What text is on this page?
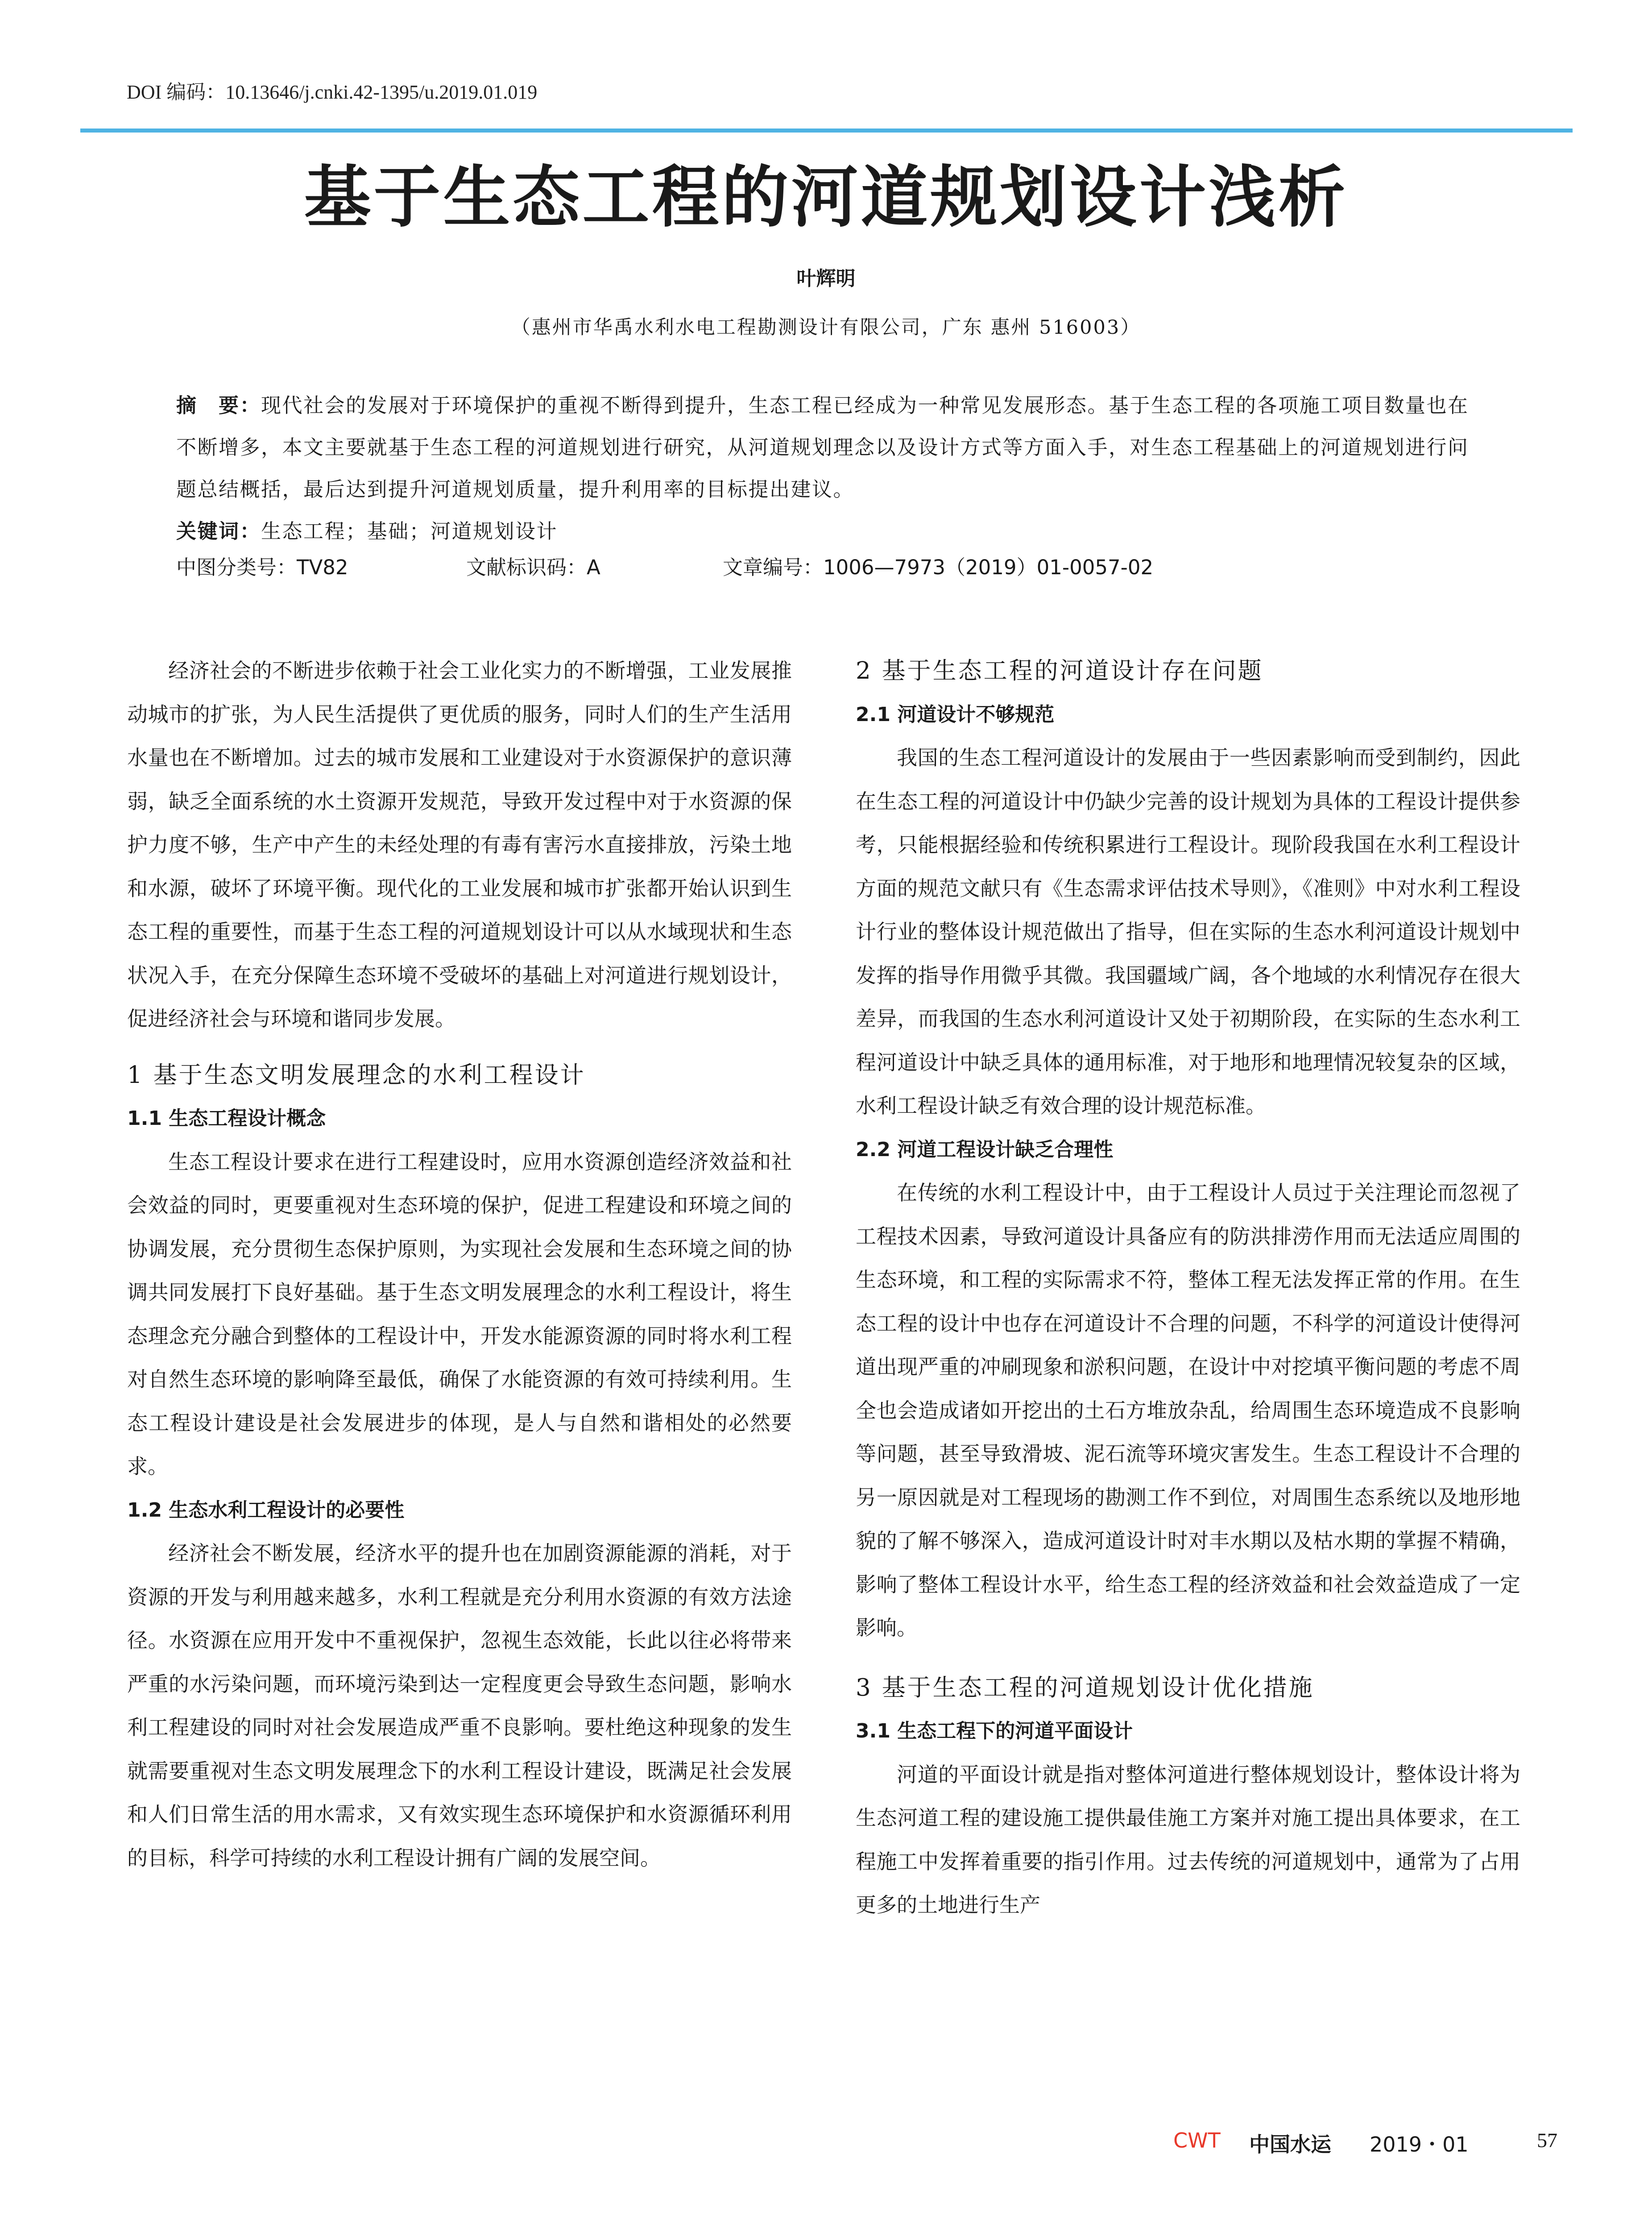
DOI 编码：10.13646/j.cnki.42-1395/u.2019.01.019
基于生态工程的河道规划设计浅析
叶辉明
（惠州市华禹水利水电工程勘测设计有限公司，广东 惠州 516003）
摘　要：现代社会的发展对于环境保护的重视不断得到提升，生态工程已经成为一种常见发展形态。基于生态工程的各项施工项目数量也在不断增多，本文主要就基于生态工程的河道规划进行研究，从河道规划理念以及设计方式等方面入手，对生态工程基础上的河道规划进行问题总结概括，最后达到提升河道规划质量，提升利用率的目标提出建议。
关键词：生态工程；基础；河道规划设计
中图分类号：TV82	文献标识码：A	文章编号：1006—7973（2019）01-0057-02

经济社会的不断进步依赖于社会工业化实力的不断增强，工业发展推动城市的扩张，为人民生活提供了更优质的服务，同时人们的生产生活用水量也在不断增加。过去的城市发展和工业建设对于水资源保护的意识薄弱，缺乏全面系统的水土资源开发规范，导致开发过程中对于水资源的保护力度不够，生产中产生的未经处理的有毒有害污水直接排放，污染土地和水源，破坏了环境平衡。现代化的工业发展和城市扩张都开始认识到生态工程的重要性，而基于生态工程的河道规划设计可以从水域现状和生态状况入手，在充分保障生态环境不受破坏的基础上对河道进行规划设计，促进经济社会与环境和谐同步发展。

1 基于生态文明发展理念的水利工程设计
1.1 生态工程设计概念

生态工程设计要求在进行工程建设时，应用水资源创造经济效益和社会效益的同时，更要重视对生态环境的保护，促进工程建设和环境之间的协调发展，充分贯彻生态保护原则，为实现社会发展和生态环境之间的协调共同发展打下良好基础。基于生态文明发展理念的水利工程设计，将生态理念充分融合到整体的工程设计中，开发水能源资源的同时将水利工程对自然生态环境的影响降至最低，确保了水能资源的有效可持续利用。生态工程设计建设是社会发展进步的体现，是人与自然和谐相处的必然要求。

1.2 生态水利工程设计的必要性

经济社会不断发展，经济水平的提升也在加剧资源能源的消耗，对于资源的开发与利用越来越多，水利工程就是充分利用水资源的有效方法途径。水资源在应用开发中不重视保护，忽视生态效能，长此以往必将带来严重的水污染问题，而环境污染到达一定程度更会导致生态问题，影响水利工程建设的同时对社会发展造成严重不良影响。要杜绝这种现象的发生就需要重视对生态文明发展理念下的水利工程设计建设，既满足社会发展和人们日常生活的用水需求，又有效实现生态环境保护和水资源循环利用的目标，科学可持续的水利工程设计拥有广阔的发展空间。

2 基于生态工程的河道设计存在问题
2.1 河道设计不够规范

我国的生态工程河道设计的发展由于一些因素影响而受到制约，因此在生态工程的河道设计中仍缺少完善的设计规划为具体的工程设计提供参考，只能根据经验和传统积累进行工程设计。现阶段我国在水利工程设计方面的规范文献只有《生态需求评估技术导则》，《准则》中对水利工程设计行业的整体设计规范做出了指导，但在实际的生态水利河道设计规划中发挥的指导作用微乎其微。我国疆域广阔，各个地域的水利情况存在很大差异，而我国的生态水利河道设计又处于初期阶段，在实际的生态水利工程河道设计中缺乏具体的通用标准，对于地形和地理情况较复杂的区域，水利工程设计缺乏有效合理的设计规范标准。

2.2 河道工程设计缺乏合理性

在传统的水利工程设计中，由于工程设计人员过于关注理论而忽视了工程技术因素，导致河道设计具备应有的防洪排涝作用而无法适应周围的生态环境，和工程的实际需求不符，整体工程无法发挥正常的作用。在生态工程的设计中也存在河道设计不合理的问题，不科学的河道设计使得河道出现严重的冲刷现象和淤积问题，在设计中对挖填平衡问题的考虑不周全也会造成诸如开挖出的土石方堆放杂乱，给周围生态环境造成不良影响等问题，甚至导致滑坡、泥石流等环境灾害发生。生态工程设计不合理的另一原因就是对工程现场的勘测工作不到位，对周围生态系统以及地形地貌的了解不够深入，造成河道设计时对丰水期以及枯水期的掌握不精确，影响了整体工程设计水平，给生态工程的经济效益和社会效益造成了一定影响。

3 基于生态工程的河道规划设计优化措施
3.1 生态工程下的河道平面设计

河道的平面设计就是指对整体河道进行整体规划设计，整体设计将为生态河道工程的建设施工提供最佳施工方案并对施工提出具体要求，在工程施工中发挥着重要的指引作用。过去传统的河道规划中，通常为了占用更多的土地进行生产

CWT 中国水运 2019・01	57
